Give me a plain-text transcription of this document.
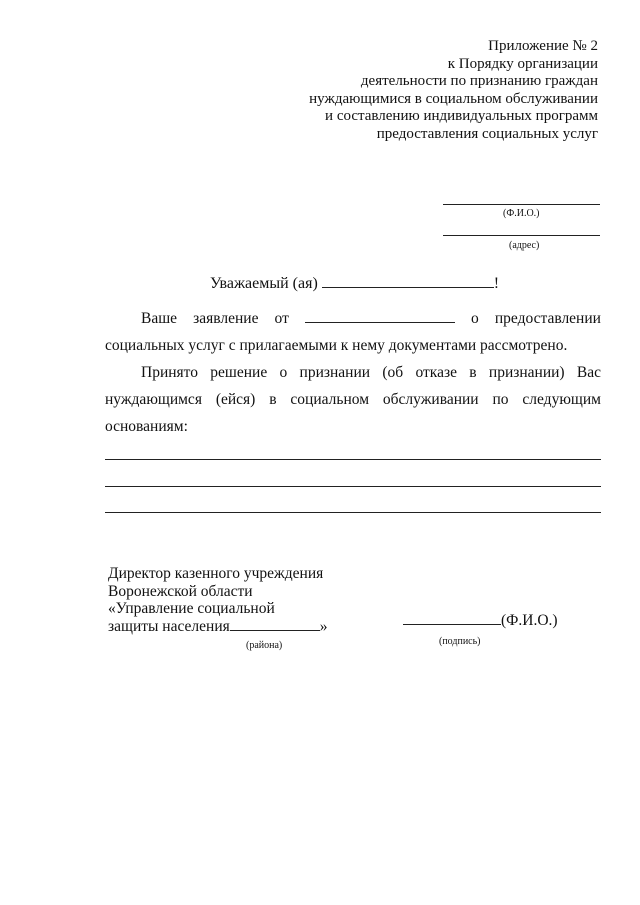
Приложение № 2
к Порядку организации
деятельности по признанию граждан
нуждающимися в социальном обслуживании
и составлению индивидуальных программ
предоставления социальных услуг
(Ф.И.О.)
(адрес)
Уважаемый (ая)	!
Ваше заявление от	о предоставлении
социальных услуг с прилагаемыми к нему документами рассмотрено.
Принято решение о признании (об отказе в признании) Вас
нуждающимся (ейся) в социальном обслуживании по следующим
основаниям:
Директор казенного учреждения
Воронежской области
«Управление социальной
защиты населения	»
(района)
(Ф.И.О.)
(подпись)
